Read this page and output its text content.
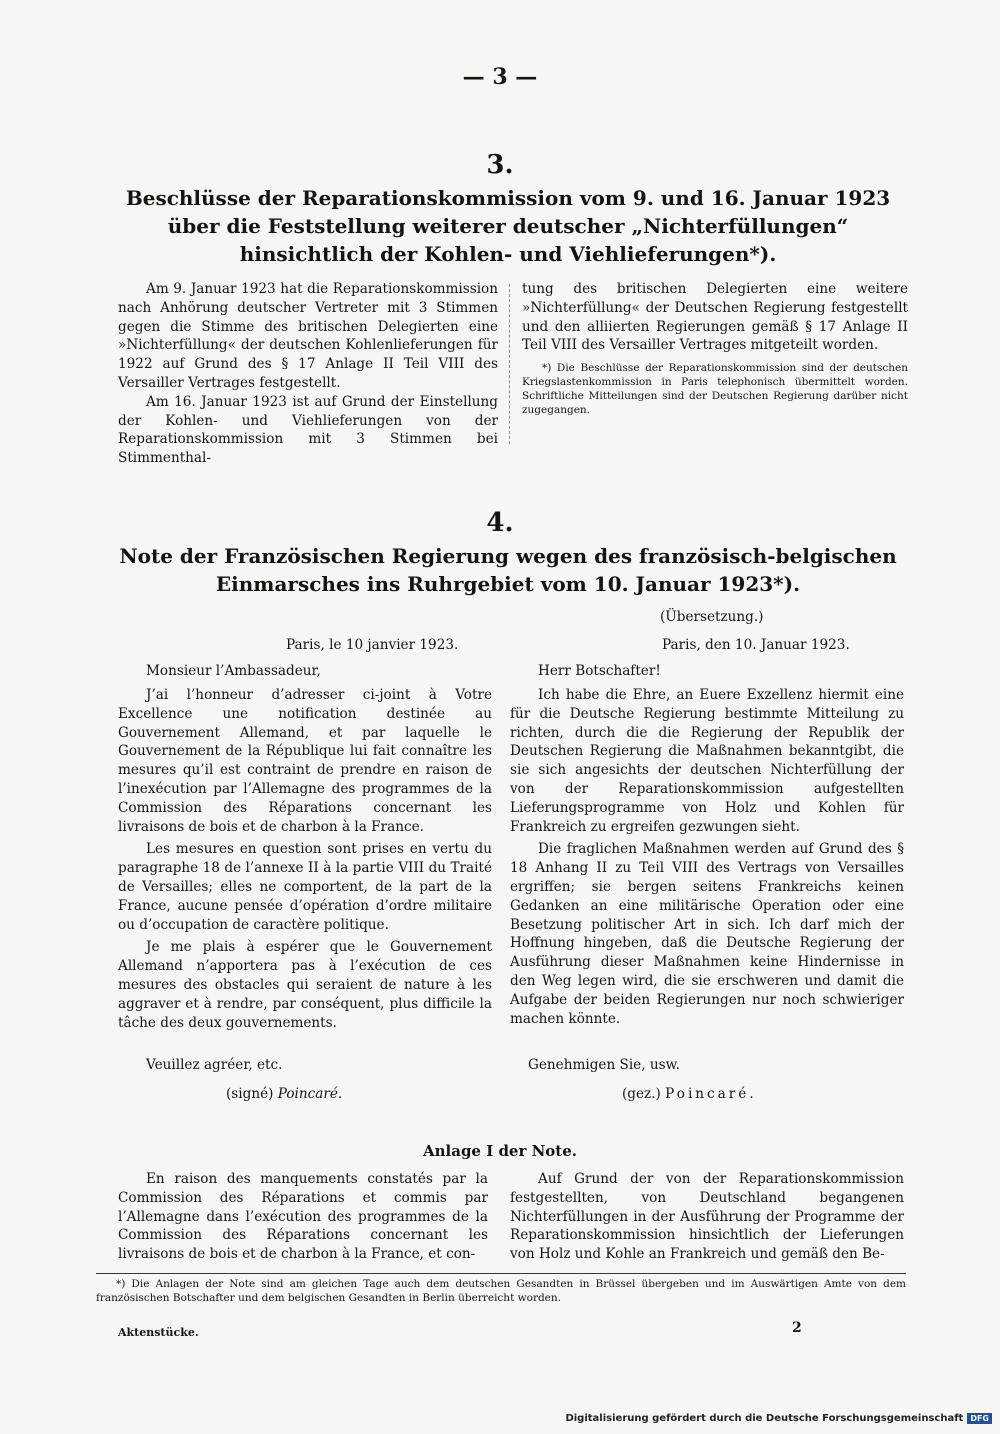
— 3 —
3.
Beschlüsse der Reparationskommission vom 9. und 16. Januar 1923 über die Feststellung weiterer deutscher „Nichterfüllungen“ hinsichtlich der Kohlen- und Viehlieferungen*).

Am 9. Januar 1923 hat die Reparationskommission nach Anhörung deutscher Vertreter mit 3 Stimmen gegen die Stimme des britischen Delegierten eine »Nichterfüllung« der deutschen Kohlenlieferungen für 1922 auf Grund des § 17 Anlage II Teil VIII des Versailler Vertrages festgestellt.

Am 16. Januar 1923 ist auf Grund der Einstellung der Kohlen- und Viehlieferungen von der Reparationskommission mit 3 Stimmen bei Stimmenthal-

tung des britischen Delegierten eine weitere »Nichterfüllung« der Deutschen Regierung festgestellt und den alliierten Regierungen gemäß § 17 Anlage II Teil VIII des Versailler Vertrages mitgeteilt worden.

*) Die Beschlüsse der Reparationskommission sind der deutschen Kriegslastenkommission in Paris telephonisch übermittelt worden. Schriftliche Mitteilungen sind der Deutschen Regierung darüber nicht zugegangen.

4.
Note der Französischen Regierung wegen des französisch-belgischen Einmarsches ins Ruhrgebiet vom 10. Januar 1923*).
(Übersetzung.)
Paris, le 10 janvier 1923.
Monsieur l’Ambassadeur,

J’ai l’honneur d’adresser ci-joint à Votre Excellence une notification destinée au Gouvernement Allemand, et par laquelle le Gouvernement de la République lui fait connaître les mesures qu’il est contraint de prendre en raison de l’inexécution par l’Allemagne des programmes de la Commission des Réparations concernant les livraisons de bois et de charbon à la France.

Les mesures en question sont prises en vertu du paragraphe 18 de l’annexe II à la partie VIII du Traité de Versailles; elles ne comportent, de la part de la France, aucune pensée d’opération d’ordre militaire ou d’occupation de caractère politique.

Je me plais à espérer que le Gouvernement Allemand n’apportera pas à l’exécution de ces mesures des obstacles qui seraient de nature à les aggraver et à rendre, par conséquent, plus difficile la tâche des deux gouvernements.

Veuillez agréer, etc.
(signé) Poincaré.
Paris, den 10. Januar 1923.
Herr Botschafter!

Ich habe die Ehre, an Euere Exzellenz hiermit eine für die Deutsche Regierung bestimmte Mitteilung zu richten, durch die die Regierung der Republik der Deutschen Regierung die Maßnahmen bekanntgibt, die sie sich angesichts der deutschen Nichterfüllung der von der Reparationskommission aufgestellten Lieferungsprogramme von Holz und Kohlen für Frankreich zu ergreifen gezwungen sieht.

Die fraglichen Maßnahmen werden auf Grund des § 18 Anhang II zu Teil VIII des Vertrags von Versailles ergriffen; sie bergen seitens Frankreichs keinen Gedanken an eine militärische Operation oder eine Besetzung politischer Art in sich. Ich darf mich der Hoffnung hingeben, daß die Deutsche Regierung der Ausführung dieser Maßnahmen keine Hindernisse in den Weg legen wird, die sie erschweren und damit die Aufgabe der beiden Regierungen nur noch schwieriger machen könnte.

Genehmigen Sie, usw.
(gez.) Poincaré.
Anlage I der Note.

En raison des manquements constatés par la Commission des Réparations et commis par l’Allemagne dans l’exécution des programmes de la Commission des Réparations concernant les livraisons de bois et de charbon à la France, et con-

Auf Grund der von der Reparationskommission festgestellten, von Deutschland begangenen Nichterfüllungen in der Ausführung der Programme der Reparationskommission hinsichtlich der Lieferungen von Holz und Kohle an Frankreich und gemäß den Be-

*) Die Anlagen der Note sind am gleichen Tage auch dem deutschen Gesandten in Brüssel übergeben und im Auswärtigen Amte von dem französischen Botschafter und dem belgischen Gesandten in Berlin überreicht worden.

Aktenstücke.	2
Digitalisierung gefördert durch die Deutsche Forschungsgemeinschaft DFG
